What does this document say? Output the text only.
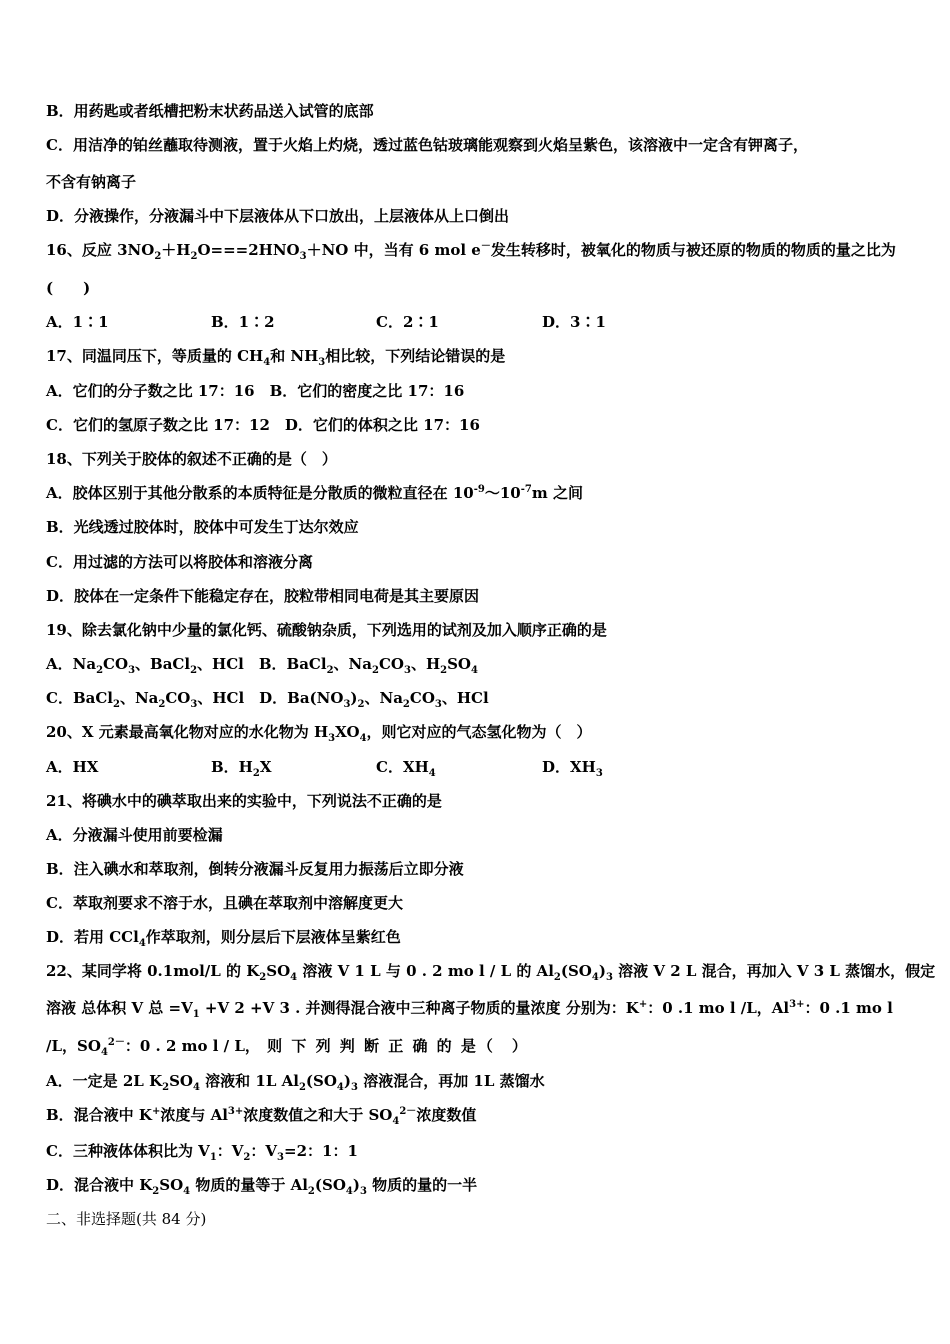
B．用药匙或者纸槽把粉末状药品送入试管的底部
C．用洁净的铂丝蘸取待测液，置于火焰上灼烧，透过蓝色钴玻璃能观察到火焰呈紫色，该溶液中一定含有钾离子，
不含有钠离子
D．分液操作，分液漏斗中下层液体从下口放出，上层液体从上口倒出
16、反应 $3NO_2+H_2O===2HNO_3+NO$ 中，当有 6 mol e－发生转移时，被氧化的物质与被还原的物质的物质的量之比为
(　　)
A．1∶1	B．1∶2	C．2∶1	D．3∶1
17、同温同压下，等质量的 $CH_4$和 $NH_3$相比较，下列结论错误的是
A．它们的分子数之比 17：16　B．它们的密度之比 17：16
C．它们的氢原子数之比 17：12　D．它们的体积之比 17：16
18、下列关于胶体的叙述不正确的是（　）
A．胶体区别于其他分散系的本质特征是分散质的微粒直径在 $10^{-9}\sim 10^{-7}m$ 之间
B．光线透过胶体时，胶体中可发生丁达尔效应
C．用过滤的方法可以将胶体和溶液分离
D．胶体在一定条件下能稳定存在，胶粒带相同电荷是其主要原因
19、除去氯化钠中少量的氯化钙、硫酸钠杂质，下列选用的试剂及加入顺序正确的是
A．$Na_2CO_3$、BaCl$_2$、HCl　B．BaCl$_2$、$Na_2CO_3$、$H_2SO_4$
C．BaCl$_2$、$Na_2CO_3$、HCl　D．$Ba(NO_3)_2$、$Na_2CO_3$、HCl
20、X 元素最高氧化物对应的水化物为 $H_3XO_4$，则它对应的气态氢化物为（　）
A．HX	B．$H_2X$	C．$XH_4$	D．$XH_3$
21、将碘水中的碘萃取出来的实验中，下列说法不正确的是
A．分液漏斗使用前要检漏
B．注入碘水和萃取剂，倒转分液漏斗反复用力振荡后立即分液
C．萃取剂要求不溶于水，且碘在萃取剂中溶解度更大
D．若用 CCl$_4$作萃取剂，则分层后下层液体呈紫红色
22、某同学将 0.1mol/L 的 $K_2SO_4$ 溶液 V 1 L 与 0 . 2 mo l / L 的 $Al_2(SO_4)_3$ 溶液 V 2 L 混合，再加入 V 3 L 蒸馏水，假定
溶液 总体积 V 总 $=V_1 +V$ 2 +V 3 . 并测得混合液中三种离子物质的量浓度 分别为：K+：0 .1 mo l /L，$Al^{3+}$：0 .1 mo l
/L，$SO_4^{2-}$：0 . 2 mo l / L， 则 下 列 判 断 正 确 的 是（　）
A．一定是 2L $K_2SO_4$ 溶液和 1L $Al_2(SO_4)_3$ 溶液混合，再加 1L 蒸馏水
B．混合液中 K+浓度与 $Al^{3+}$浓度数值之和大于 $SO_4^{2-}$浓度数值
C．三种液体体积比为 $V_1$：$V_2$：$V_3=2$：1：1
D．混合液中 $K_2SO_4$ 物质的量等于 $Al_2(SO_4)_3$ 物质的量的一半
二、非选择题(共 84 分)
